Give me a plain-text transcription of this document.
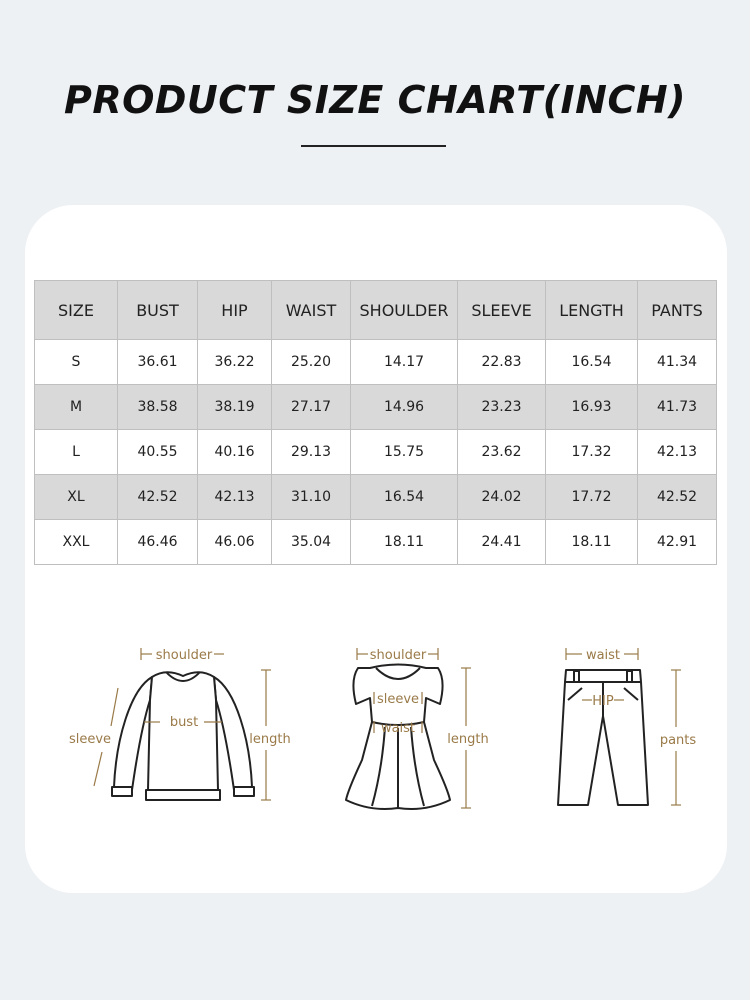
PRODUCT SIZE CHART(INCH)
SIZE	BUST	HIP	WAIST	SHOULDER	SLEEVE	LENGTH	PANTS
S	36.61	36.22	25.20	14.17	22.83	16.54	41.34
M	38.58	38.19	27.17	14.96	23.23	16.93	41.73
L	40.55	40.16	29.13	15.75	23.62	17.32	42.13
XL	42.52	42.13	31.10	16.54	24.02	17.72	42.52
XXL	46.46	46.06	35.04	18.11	24.41	18.11	42.91
shoulder
bust
sleeve	length
shoulder
sleeve
waist
length
waist
HIP
pants
